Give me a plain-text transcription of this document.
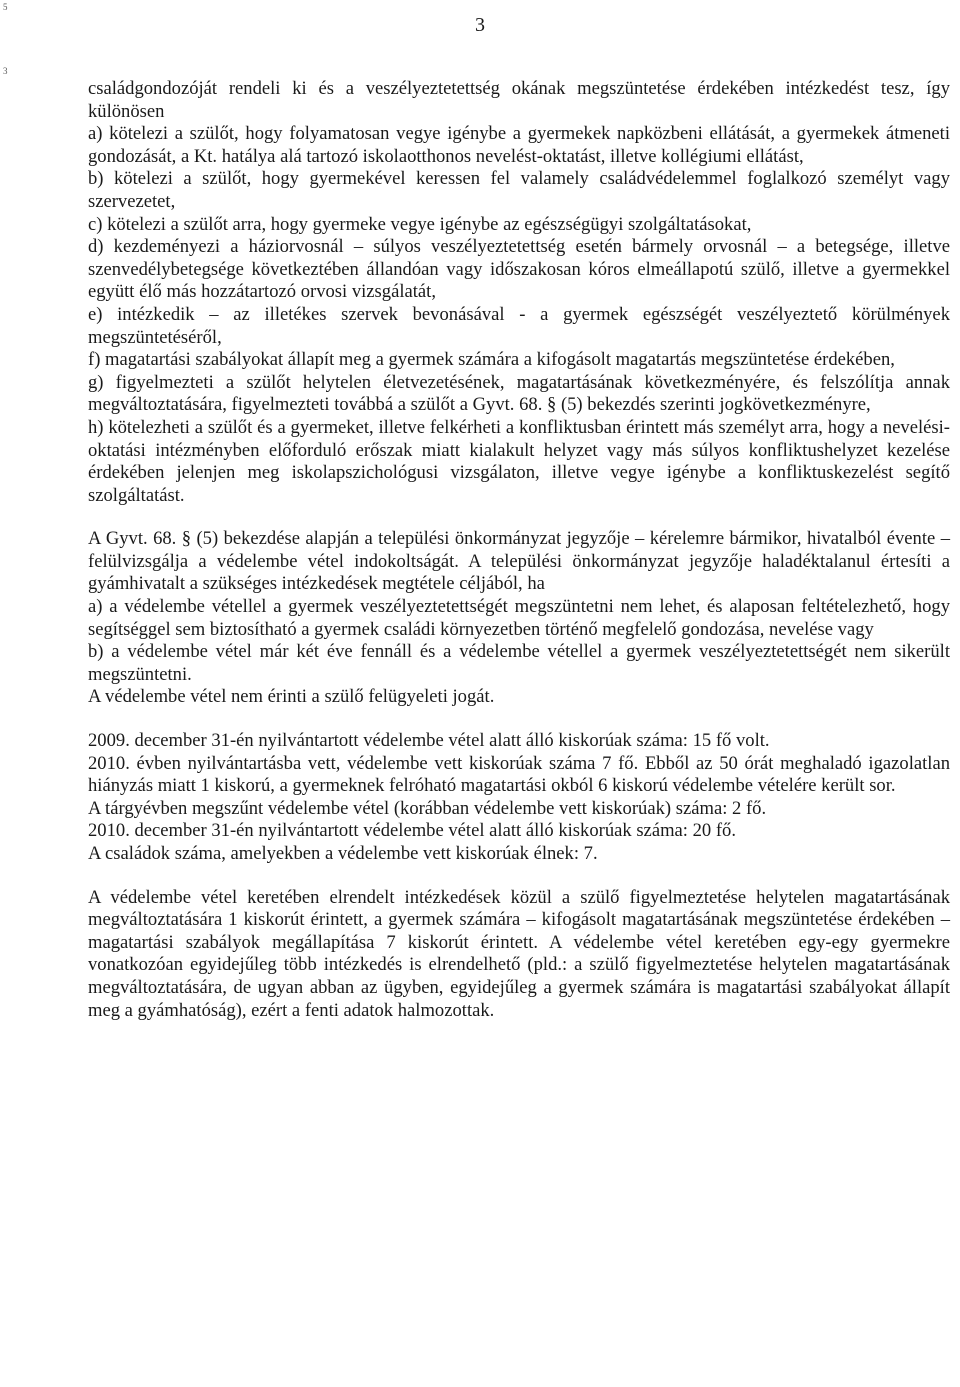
5
3
3

családgondozóját rendeli ki és a veszélyeztetettség okának megszüntetése érdekében intézkedést tesz, így különösen

a) kötelezi a szülőt, hogy folyamatosan vegye igénybe a gyermekek napközbeni ellátását, a gyermekek átmeneti gondozását, a Kt. hatálya alá tartozó iskolaotthonos nevelést-oktatást, illetve kollégiumi ellátást,

b) kötelezi a szülőt, hogy gyermekével keressen fel valamely családvédelemmel foglalkozó személyt vagy szervezetet,

c) kötelezi a szülőt arra, hogy gyermeke vegye igénybe az egészségügyi szolgáltatásokat,

d) kezdeményezi a háziorvosnál – súlyos veszélyeztetettség esetén bármely orvosnál – a betegsége, illetve szenvedélybetegsége következtében állandóan vagy időszakosan kóros elmeállapotú szülő, illetve a gyermekkel együtt élő más hozzátartozó orvosi vizsgálatát,

e) intézkedik – az illetékes szervek bevonásával - a gyermek egészségét veszélyeztető körülmények megszüntetéséről,

f) magatartási szabályokat állapít meg a gyermek számára a kifogásolt magatartás megszüntetése érdekében,

g) figyelmezteti a szülőt helytelen életvezetésének, magatartásának következményére, és felszólítja annak megváltoztatására, figyelmezteti továbbá a szülőt a Gyvt. 68. § (5) bekezdés szerinti jogkövetkezményre,

h) kötelezheti a szülőt és a gyermeket, illetve felkérheti a konfliktusban érintett más személyt arra, hogy a nevelési-oktatási intézményben előforduló erőszak miatt kialakult helyzet vagy más súlyos konfliktushelyzet kezelése érdekében jelenjen meg iskolapszichológusi vizsgálaton, illetve vegye igénybe a konfliktuskezelést segítő szolgáltatást.

A Gyvt. 68. § (5) bekezdése alapján a települési önkormányzat jegyzője – kérelemre bármikor, hivatalból évente – felülvizsgálja a védelembe vétel indokoltságát. A települési önkormányzat jegyzője haladéktalanul értesíti a gyámhivatalt a szükséges intézkedések megtétele céljából, ha

a) a védelembe vétellel a gyermek veszélyeztetettségét megszüntetni nem lehet, és alaposan feltételezhető, hogy segítséggel sem biztosítható a gyermek családi környezetben történő megfelelő gondozása, nevelése vagy

b) a védelembe vétel már két éve fennáll és a védelembe vétellel a gyermek veszélyeztetettségét nem sikerült megszüntetni.

A védelembe vétel nem érinti a szülő felügyeleti jogát.

2009. december 31-én nyilvántartott védelembe vétel alatt álló kiskorúak száma: 15 fő volt.

2010. évben nyilvántartásba vett, védelembe vett kiskorúak száma 7 fő. Ebből az 50 órát meghaladó igazolatlan hiányzás miatt 1 kiskorú, a gyermeknek felróható magatartási okból 6 kiskorú védelembe vételére került sor.

A tárgyévben megszűnt védelembe vétel (korábban védelembe vett kiskorúak) száma: 2 fő.

2010. december 31-én nyilvántartott védelembe vétel alatt álló kiskorúak száma: 20 fő.

A családok száma, amelyekben a védelembe vett kiskorúak élnek: 7.

A védelembe vétel keretében elrendelt intézkedések közül a szülő figyelmeztetése helytelen magatartásának megváltoztatására 1 kiskorút érintett, a gyermek számára – kifogásolt magatartásának megszüntetése érdekében – magatartási szabályok megállapítása 7 kiskorút érintett. A védelembe vétel keretében egy-egy gyermekre vonatkozóan egyidejűleg több intézkedés is elrendelhető (pld.: a szülő figyelmeztetése helytelen magatartásának megváltoztatására, de ugyan abban az ügyben, egyidejűleg a gyermek számára is magatartási szabályokat állapít meg a gyámhatóság), ezért a fenti adatok halmozottak.
